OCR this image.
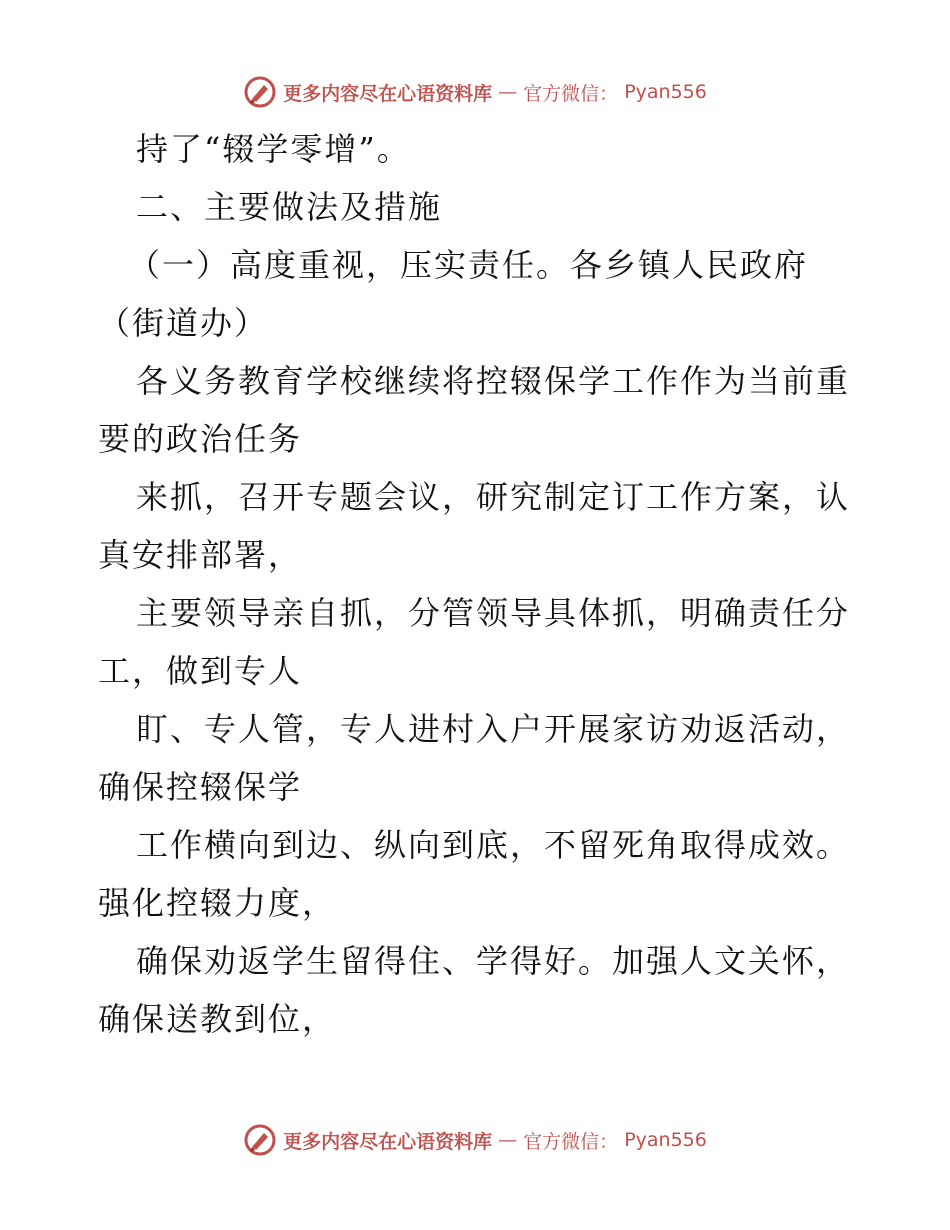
更多内容尽在心语资料库 — 官方微信： Pyan556
持了“辍学零增”。
二、主要做法及措施
（一）高度重视，压实责任。各乡镇人民政府
（街道办）
各义务教育学校继续将控辍保学工作作为当前重
要的政治任务
来抓，召开专题会议，研究制定订工作方案，认
真安排部署，
主要领导亲自抓，分管领导具体抓，明确责任分
工，做到专人
盯、专人管，专人进村入户开展家访劝返活动，
确保控辍保学
工作横向到边、纵向到底，不留死角取得成效。
强化控辍力度，
确保劝返学生留得住、学得好。加强人文关怀，
确保送教到位，
更多内容尽在心语资料库 — 官方微信： Pyan556
